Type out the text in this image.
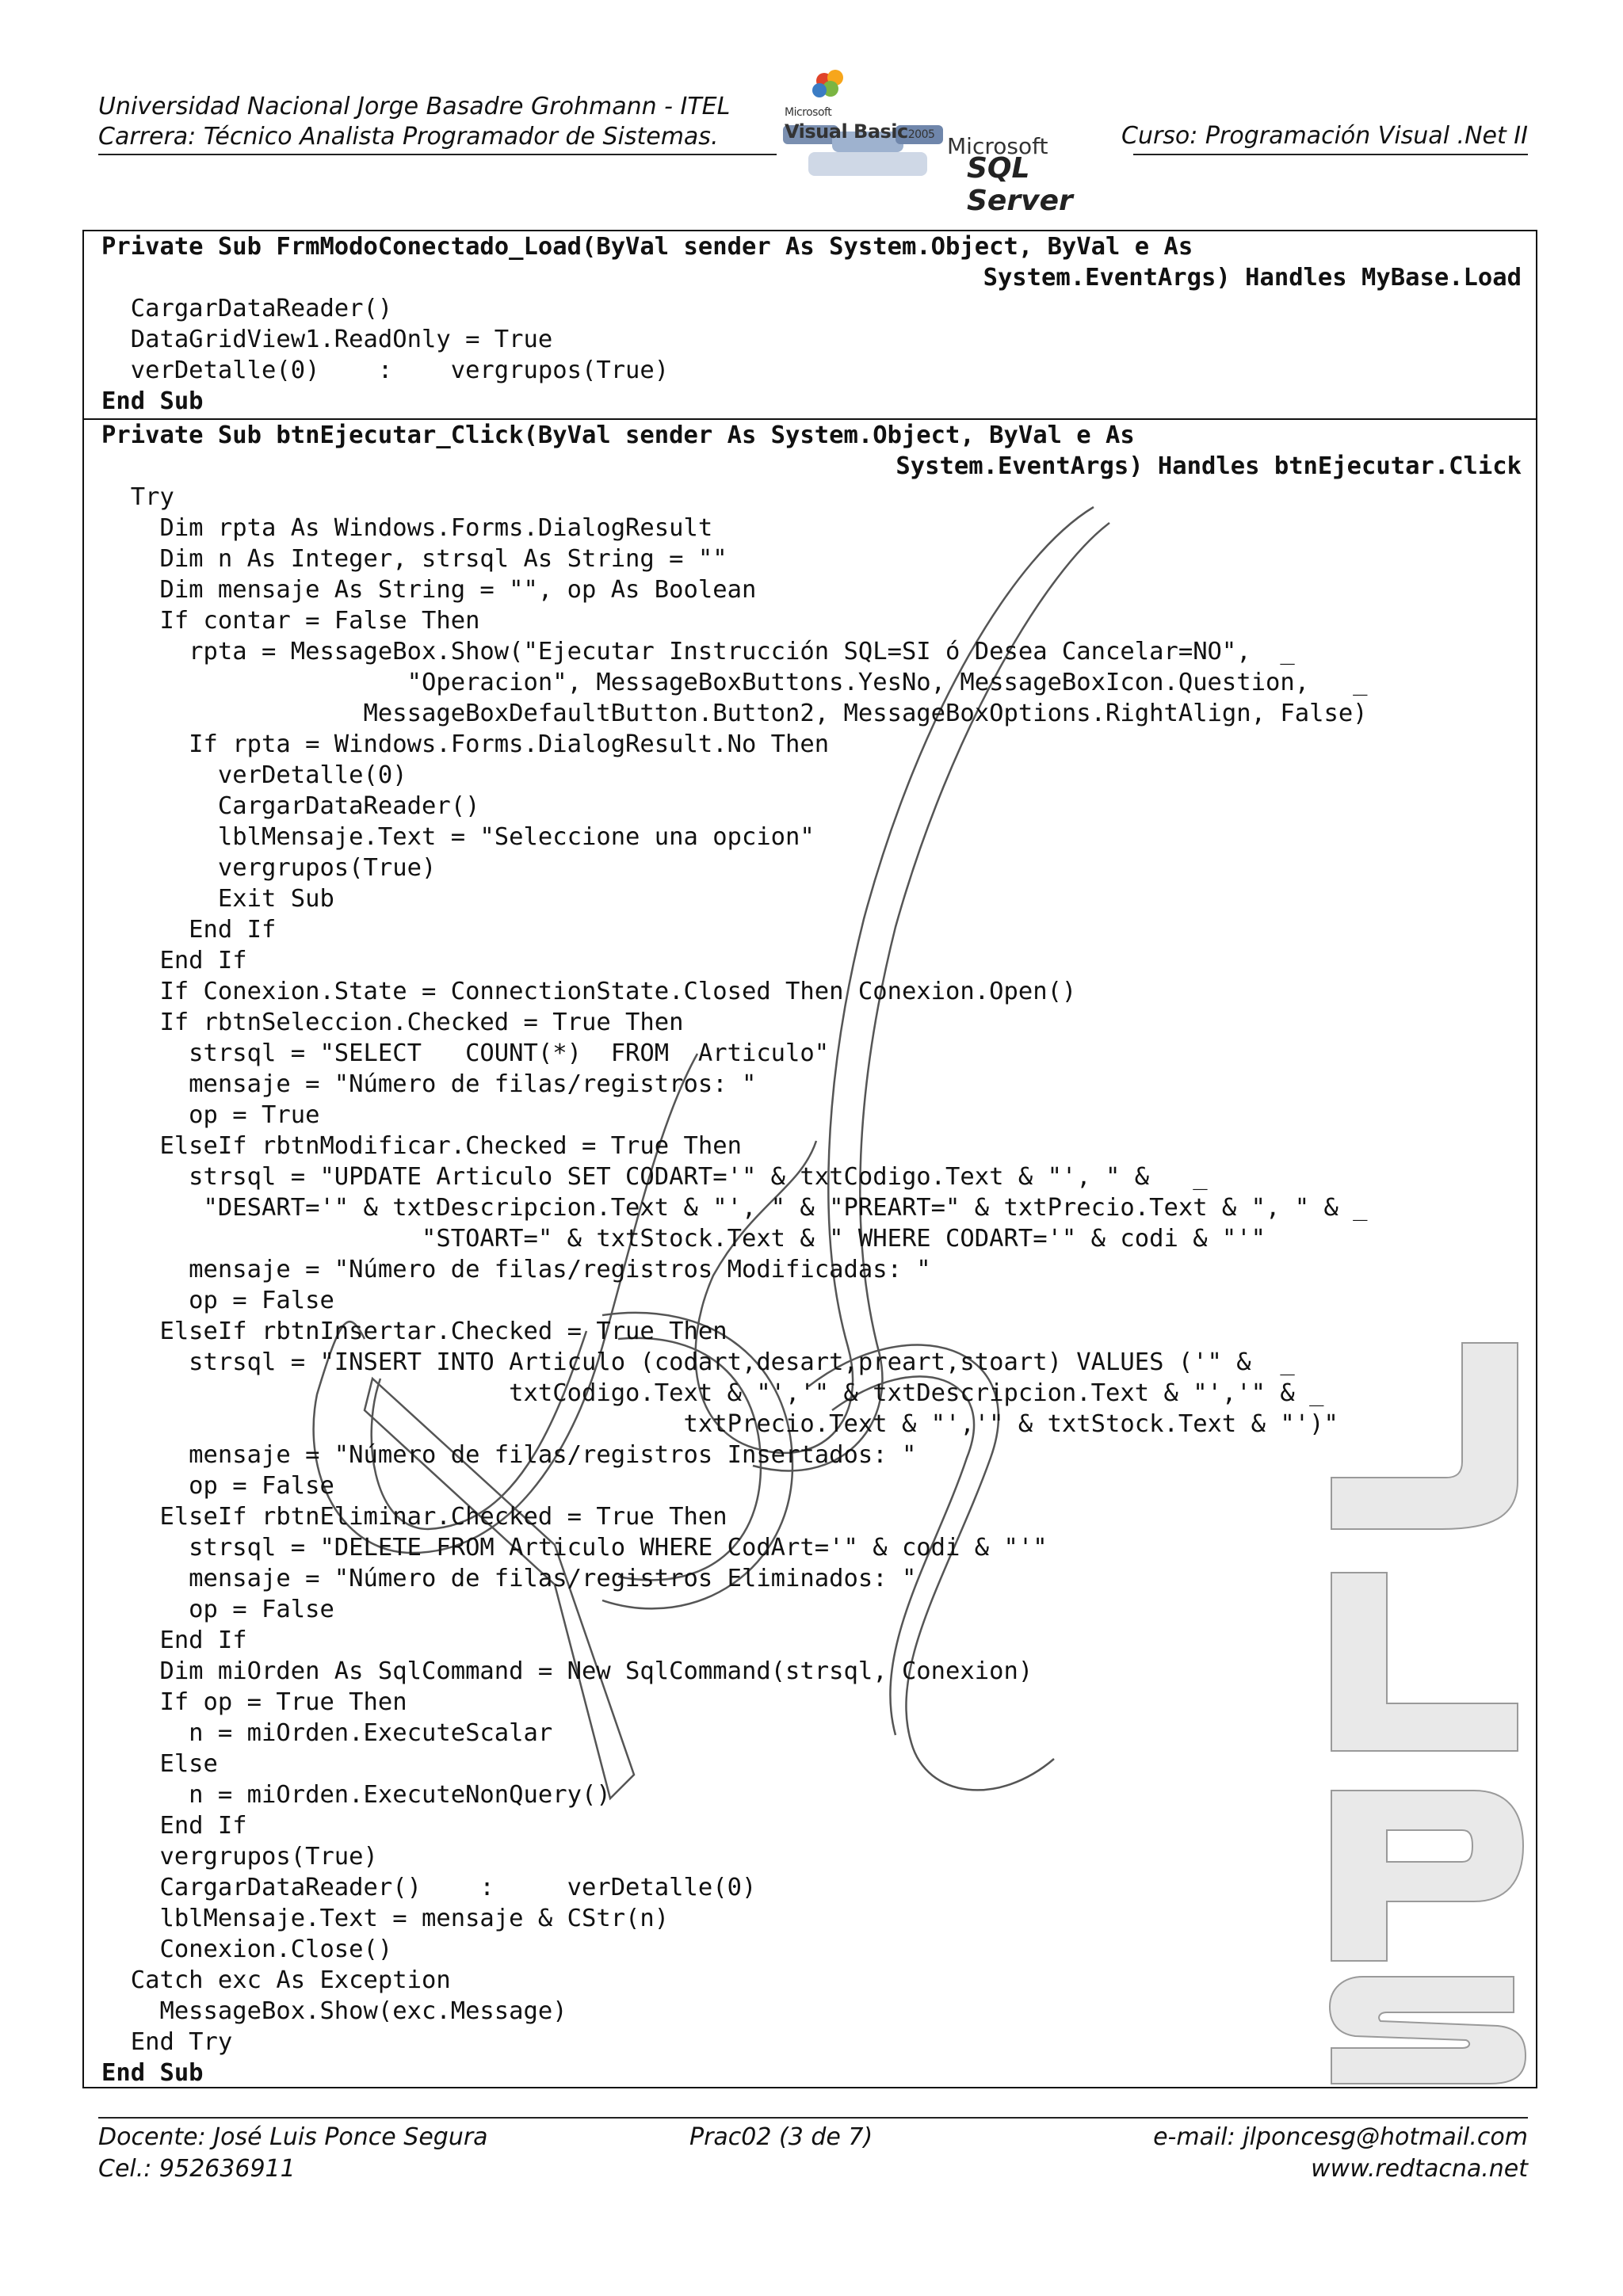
Universidad Nacional Jorge Basadre Grohmann - ITEL
Carrera: Técnico Analista Programador de Sistemas.
Microsoft
Visual Basic2005 Microsoft
SQL Server
Curso: Programación Visual .Net II
Private Sub FrmModoConectado_Load(ByVal sender As System.Object, ByVal e As
System.EventArgs) Handles MyBase.Load
CargarDataReader()
DataGridView1.ReadOnly = True
verDetalle(0)    :    vergrupos(True)
End Sub
Private Sub btnEjecutar_Click(ByVal sender As System.Object, ByVal e As
System.EventArgs) Handles btnEjecutar.Click
Try
Dim rpta As Windows.Forms.DialogResult
Dim n As Integer, strsql As String = ""
Dim mensaje As String = "", op As Boolean
If contar = False Then
rpta = MessageBox.Show("Ejecutar Instrucción SQL=SI ó Desea Cancelar=NO",  _
"Operacion", MessageBoxButtons.YesNo, MessageBoxIcon.Question,   _
MessageBoxDefaultButton.Button2, MessageBoxOptions.RightAlign, False)
If rpta = Windows.Forms.DialogResult.No Then
verDetalle(0)
CargarDataReader()
lblMensaje.Text = "Seleccione una opcion"
vergrupos(True)
Exit Sub
End If
End If
If Conexion.State = ConnectionState.Closed Then Conexion.Open()
If rbtnSeleccion.Checked = True Then
strsql = "SELECT   COUNT(*)  FROM  Articulo"
mensaje = "Número de filas/registros: "
op = True
ElseIf rbtnModificar.Checked = True Then
strsql = "UPDATE Articulo SET CODART='" & txtCodigo.Text & "', " &   _
"DESART='" & txtDescripcion.Text & "', " & "PREART=" & txtPrecio.Text & ", " & _
"STOART=" & txtStock.Text & " WHERE CODART='" & codi & "'"
mensaje = "Número de filas/registros Modificadas: "
op = False
ElseIf rbtnInsertar.Checked = True Then
strsql = "INSERT INTO Articulo (codart,desart,preart,stoart) VALUES ('" &  _
txtCodigo.Text & "','" & txtDescripcion.Text & "','" & _
txtPrecio.Text & "','" & txtStock.Text & "')"
mensaje = "Número de filas/registros Insertados: "
op = False
ElseIf rbtnEliminar.Checked = True Then
strsql = "DELETE FROM Articulo WHERE CodArt='" & codi & "'"
mensaje = "Número de filas/registros Eliminados: "
op = False
End If
Dim miOrden As SqlCommand = New SqlCommand(strsql, Conexion)
If op = True Then
n = miOrden.ExecuteScalar
Else
n = miOrden.ExecuteNonQuery()
End If
vergrupos(True)
CargarDataReader()    :     verDetalle(0)
lblMensaje.Text = mensaje & CStr(n)
Conexion.Close()
Catch exc As Exception
MessageBox.Show(exc.Message)
End Try
End Sub
Docente: José Luis Ponce Segura
Cel.: 952636911
Prac02 (3 de 7)	e-mail: jlponcesg@hotmail.com
www.redtacna.net
